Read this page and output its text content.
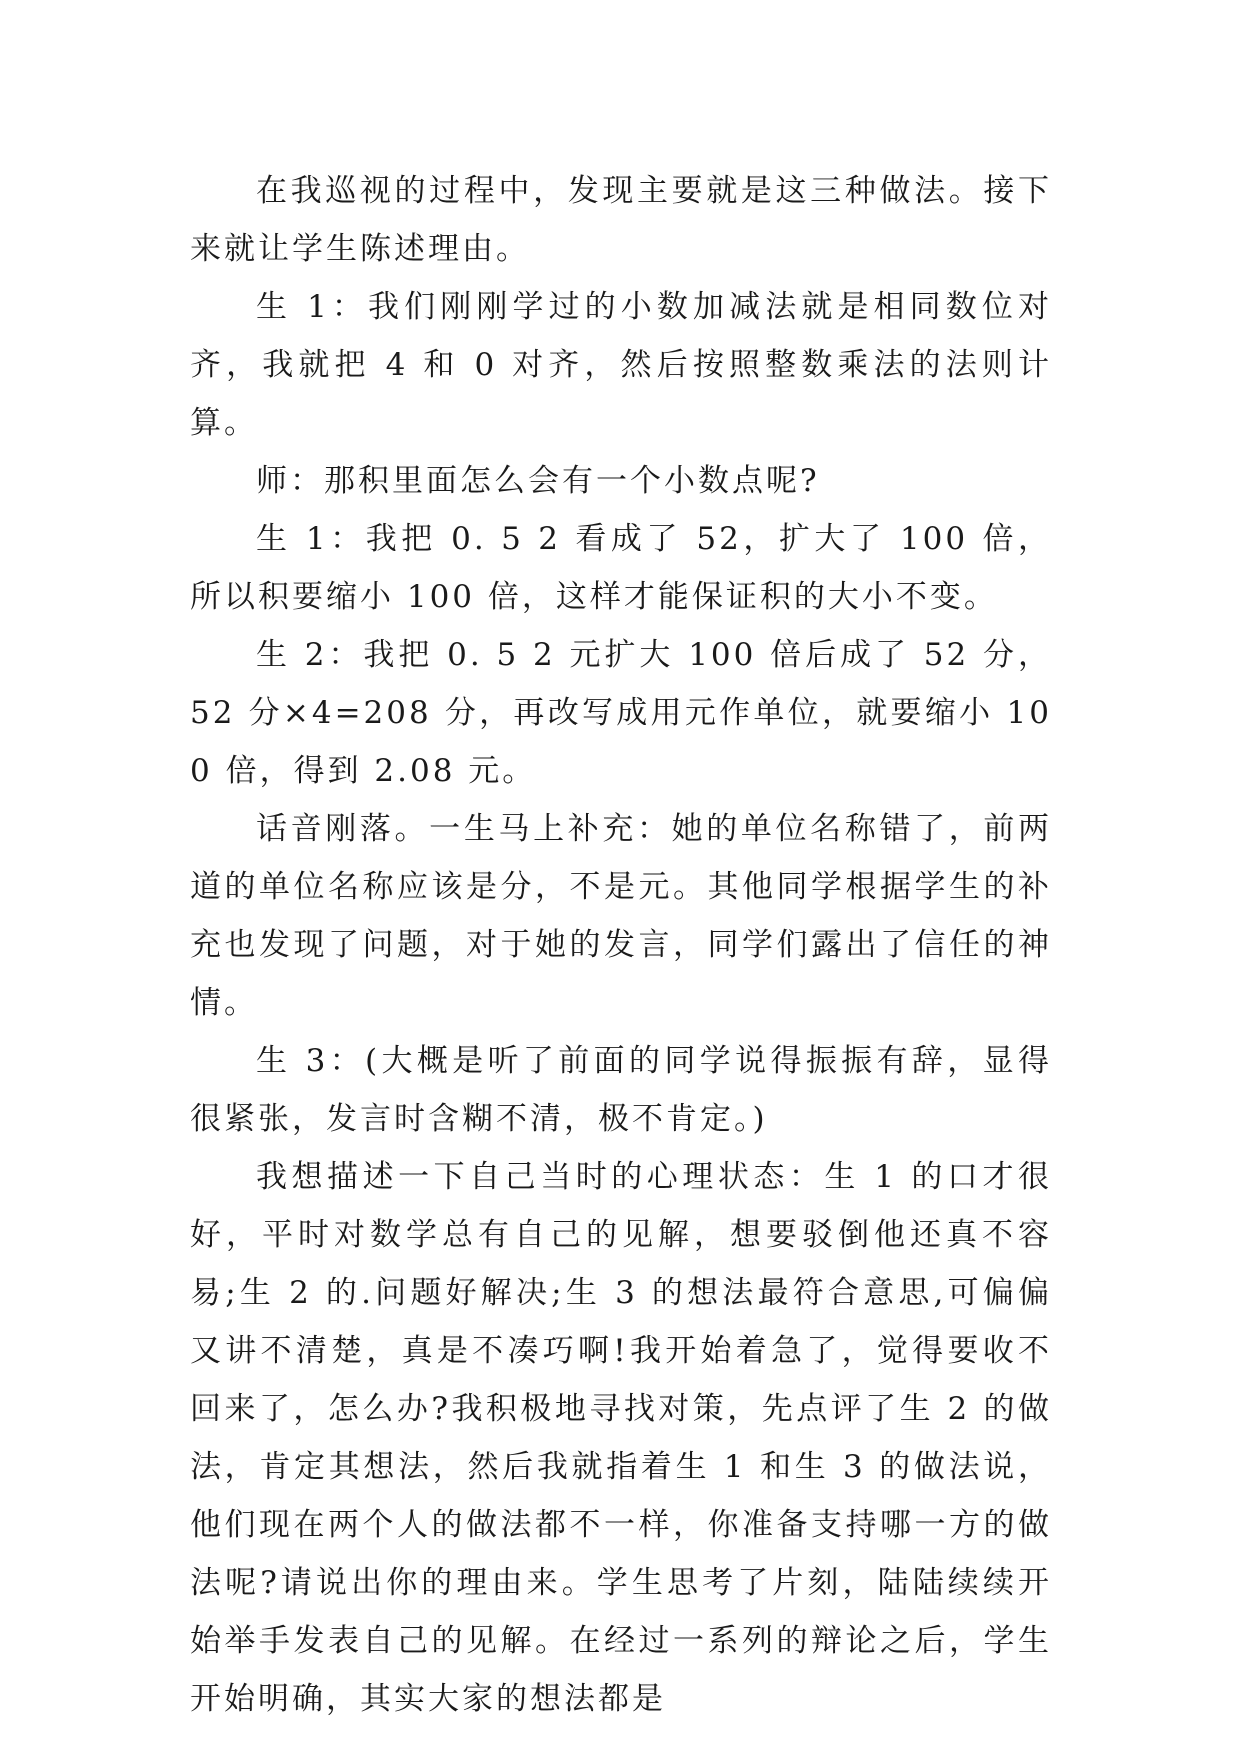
在我巡视的过程中，发现主要就是这三种做法。接下来就让学生陈述理由。

生 1：我们刚刚学过的小数加减法就是相同数位对齐，我就把 4 和 0 对齐，然后按照整数乘法的法则计算。

师：那积里面怎么会有一个小数点呢?

生 1：我把 0. 5 2 看成了 52，扩大了 100 倍，所以积要缩小 100 倍，这样才能保证积的大小不变。

生 2：我把 0. 5 2 元扩大 100 倍后成了 52 分，52 分×4=208 分，再改写成用元作单位，就要缩小 100 倍，得到 2.08 元。

话音刚落。一生马上补充：她的单位名称错了，前两道的单位名称应该是分，不是元。其他同学根据学生的补充也发现了问题，对于她的发言，同学们露出了信任的神情。

生 3：(大概是听了前面的同学说得振振有辞，显得很紧张，发言时含糊不清，极不肯定。)

我想描述一下自己当时的心理状态：生 1 的口才很好，平时对数学总有自己的见解，想要驳倒他还真不容易;生 2 的.问题好解决;生 3 的想法最符合意思,可偏偏又讲不清楚，真是不凑巧啊!我开始着急了，觉得要收不回来了，怎么办?我积极地寻找对策，先点评了生 2 的做法，肯定其想法，然后我就指着生 1 和生 3 的做法说，他们现在两个人的做法都不一样，你准备支持哪一方的做法呢?请说出你的理由来。学生思考了片刻，陆陆续续开始举手发表自己的见解。在经过一系列的辩论之后，学生开始明确，其实大家的想法都是
